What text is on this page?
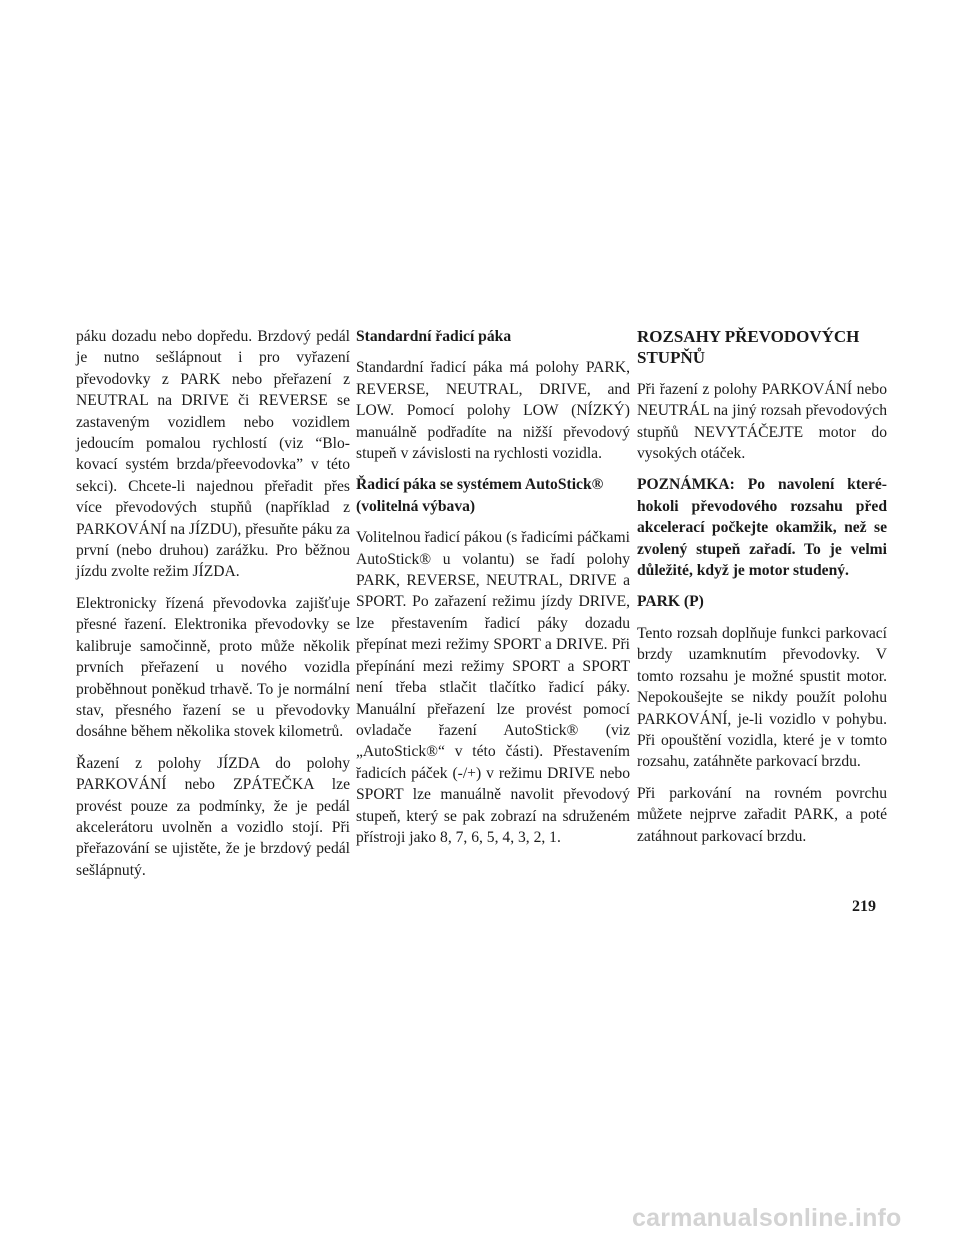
páku dozadu nebo dopředu. Brzdový pedál je nutno sešlápnout i pro vyřazení převodovky z PARK nebo přeřazení z NEUTRAL na DRIVE či REVERSE se zastaveným vozidlem nebo vozidlem jedoucím pomalou rychlostí (viz “Blokovací systém brzda/přeevodovka” v této sekci). Chcete-li najednou přeřadit přes více převodových stupňů (například z PARKOVÁNÍ na JÍZDU), přesuňte páku za první (nebo druhou) zarážku. Pro běžnou jízdu zvolte režim JÍZDA.

Elektronicky řízená převodovka zajišťuje přesné řazení. Elektronika převodovky se kalibruje samočinně, proto může několik prvních přeřazení u nového vozidla proběhnout poněkud trhavě. To je normální stav, přesného řazení se u převodovky dosáhne během několika stovek kilometrů.

Řazení z polohy JÍZDA do polohy PARKOVÁNÍ nebo ZPÁTEČKA lze provést pouze za podmínky, že je pedál akcelerátoru uvolněn a vozidlo stojí. Při přeřazování se ujistěte, že je brzdový pedál sešlápnutý.

Standardní řadicí páka

Standardní řadicí páka má polohy PARK, REVERSE, NEUTRAL, DRIVE, and LOW. Pomocí polohy LOW (NÍZKÝ) manuálně podřadíte na nižší převodový stupeň v závislosti na rychlosti vozidla.

Řadicí páka se systémem AutoStick® (volitelná výbava)

Volitelnou řadicí pákou (s řadicími páčkami AutoStick® u volantu) se řadí polohy PARK, REVERSE, NEUTRAL, DRIVE a SPORT. Po zařazení režimu jízdy DRIVE, lze přestavením řadicí páky dozadu přepínat mezi režimy SPORT a DRIVE. Při přepínání mezi režimy SPORT a SPORT není třeba stlačit tlačítko řadicí páky. Manuální přeřazení lze provést pomocí ovladače řazení AutoStick® (viz „AutoStick®“ v této části). Přestavením řadicích páček (-/+) v režimu DRIVE nebo SPORT lze manuálně navolit převodový stupeň, který se pak zobrazí na sdruženém přístroji jako 8, 7, 6, 5, 4, 3, 2, 1.

ROZSAHY PŘEVODOVÝCH STUPŇŮ

Při řazení z polohy PARKOVÁNÍ nebo NEUTRÁL na jiný rozsah převodových stupňů NEVYTÁČEJTE motor do vysokých otáček.

POZNÁMKA: Po navolení kteréhokoli převodového rozsahu před akcelerací počkejte okamžik, než se zvolený stupeň zařadí. To je velmi důležité, když je motor studený.

PARK (P)

Tento rozsah doplňuje funkci parkovací brzdy uzamknutím převodovky. V tomto rozsahu je možné spustit motor. Nepokoušejte se nikdy použít polohu PARKOVÁNÍ, je-li vozidlo v pohybu. Při opouštění vozidla, které je v tomto rozsahu, zatáhněte parkovací brzdu.

Při parkování na rovném povrchu můžete nejprve zařadit PARK, a poté zatáhnout parkovací brzdu.

219
carmanualsonline.info
